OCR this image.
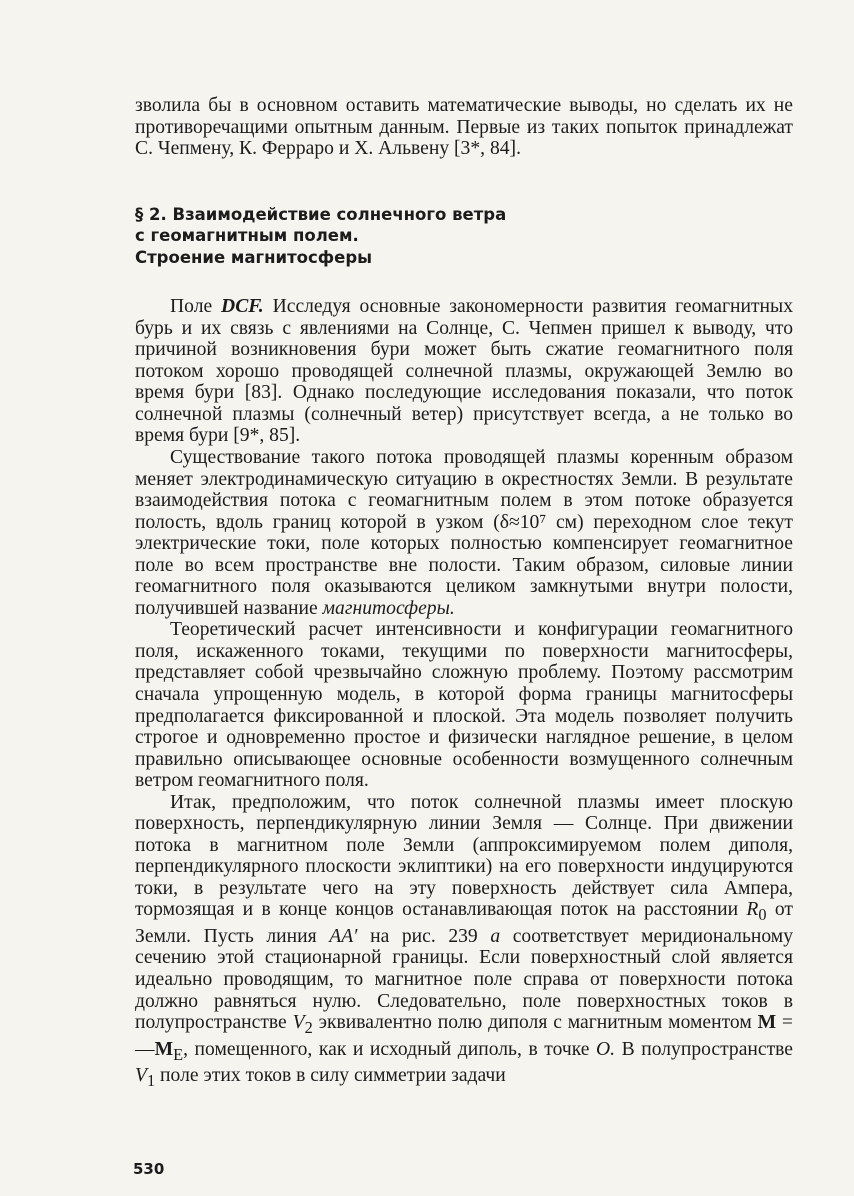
зволила бы в основном оставить математические выводы, но сделать их не противоречащими опытным данным. Первые из таких попыток принадлежат С. Чепмену, К. Ферраро и X. Альвену [3*, 84].

§ 2. Взаимодействие солнечного ветра

с геомагнитным полем.

Строение магнитосферы

Поле DCF. Исследуя основные закономерности развития геомагнитных бурь и их связь с явлениями на Солнце, С. Чепмен пришел к выводу, что причиной возникновения бури может быть сжатие геомагнитного поля потоком хорошо проводящей солнечной плазмы, окружающей Землю во время бури [83]. Однако последующие исследования показали, что поток солнечной плазмы (солнечный ветер) присутствует всегда, а не только во время бури [9*, 85].

Существование такого потока проводящей плазмы коренным образом меняет электродинамическую ситуацию в окрестностях Земли. В результате взаимодействия потока с геомагнитным полем в этом потоке образуется полость, вдоль границ которой в узком (δ≈10⁷ см) переходном слое текут электрические токи, поле которых полностью компенсирует геомагнитное поле во всем пространстве вне полости. Таким образом, силовые линии геомагнитного поля оказываются целиком замкнутыми внутри полости, получившей название магнитосферы.

Теоретический расчет интенсивности и конфигурации геомагнитного поля, искаженного токами, текущими по поверхности магнитосферы, представляет собой чрезвычайно сложную проблему. Поэтому рассмотрим сначала упрощенную модель, в которой форма границы магнитосферы предполагается фиксированной и плоской. Эта модель позволяет получить строгое и одновременно простое и физически наглядное решение, в целом правильно описывающее основные особенности возмущенного солнечным ветром геомагнитного поля.

Итак, предположим, что поток солнечной плазмы имеет плоскую поверхность, перпендикулярную линии Земля — Солнце. При движении потока в магнитном поле Земли (аппроксимируемом полем диполя, перпендикулярного плоскости эклиптики) на его поверхности индуцируются токи, в результате чего на эту поверхность действует сила Ампера, тормозящая и в конце концов останавливающая поток на расстоянии $R_0$ от Земли. Пусть линия AA′ на рис. 239 а соответствует меридиональному сечению этой стационарной границы. Если поверхностный слой является идеально проводящим, то магнитное поле справа от поверхности потока должно равняться нулю. Следовательно, поле поверхностных токов в полупространстве $V_2$ эквивалентно полю диполя с магнитным моментом $M = —M_E$, помещенного, как и исходный диполь, в точке O. В полупространстве $V_1$ поле этих токов в силу симметрии задачи

530
